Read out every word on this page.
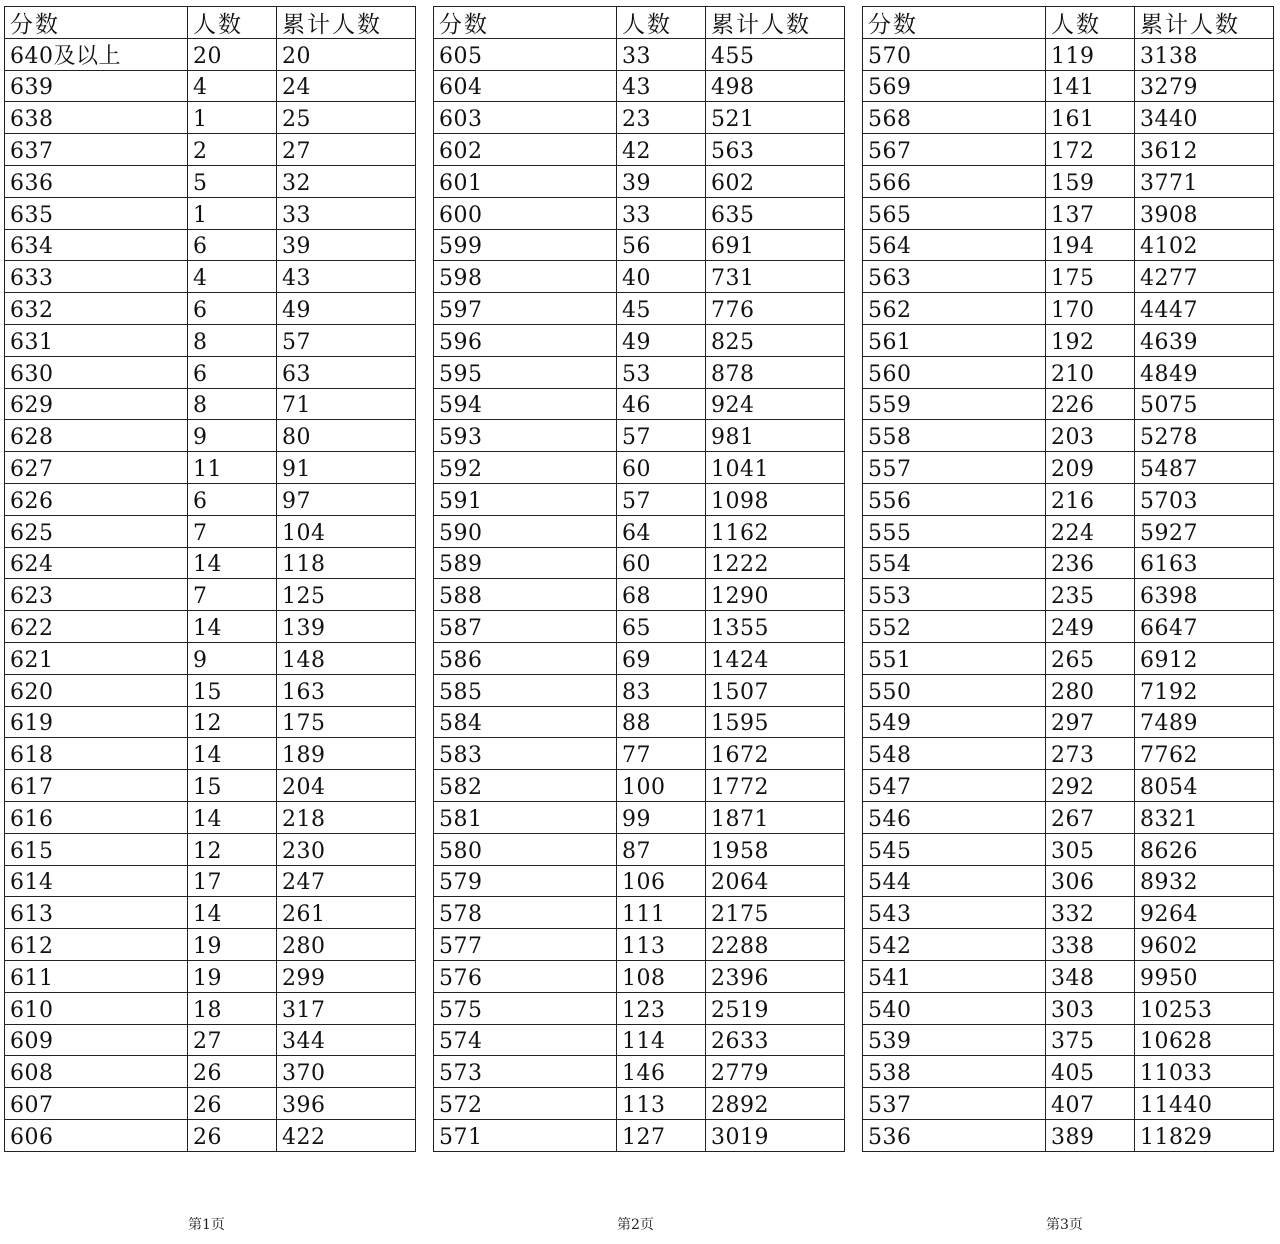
分数	人数	累计人数
640及以上	20	20
639	4	24
638	1	25
637	2	27
636	5	32
635	1	33
634	6	39
633	4	43
632	6	49
631	8	57
630	6	63
629	8	71
628	9	80
627	11	91
626	6	97
625	7	104
624	14	118
623	7	125
622	14	139
621	9	148
620	15	163
619	12	175
618	14	189
617	15	204
616	14	218
615	12	230
614	17	247
613	14	261
612	19	280
611	19	299
610	18	317
609	27	344
608	26	370
607	26	396
606	26	422
分数	人数	累计人数
605	33	455
604	43	498
603	23	521
602	42	563
601	39	602
600	33	635
599	56	691
598	40	731
597	45	776
596	49	825
595	53	878
594	46	924
593	57	981
592	60	1041
591	57	1098
590	64	1162
589	60	1222
588	68	1290
587	65	1355
586	69	1424
585	83	1507
584	88	1595
583	77	1672
582	100	1772
581	99	1871
580	87	1958
579	106	2064
578	111	2175
577	113	2288
576	108	2396
575	123	2519
574	114	2633
573	146	2779
572	113	2892
571	127	3019
分数	人数	累计人数
570	119	3138
569	141	3279
568	161	3440
567	172	3612
566	159	3771
565	137	3908
564	194	4102
563	175	4277
562	170	4447
561	192	4639
560	210	4849
559	226	5075
558	203	5278
557	209	5487
556	216	5703
555	224	5927
554	236	6163
553	235	6398
552	249	6647
551	265	6912
550	280	7192
549	297	7489
548	273	7762
547	292	8054
546	267	8321
545	305	8626
544	306	8932
543	332	9264
542	338	9602
541	348	9950
540	303	10253
539	375	10628
538	405	11033
537	407	11440
536	389	11829
第1页	第2页	第3页
